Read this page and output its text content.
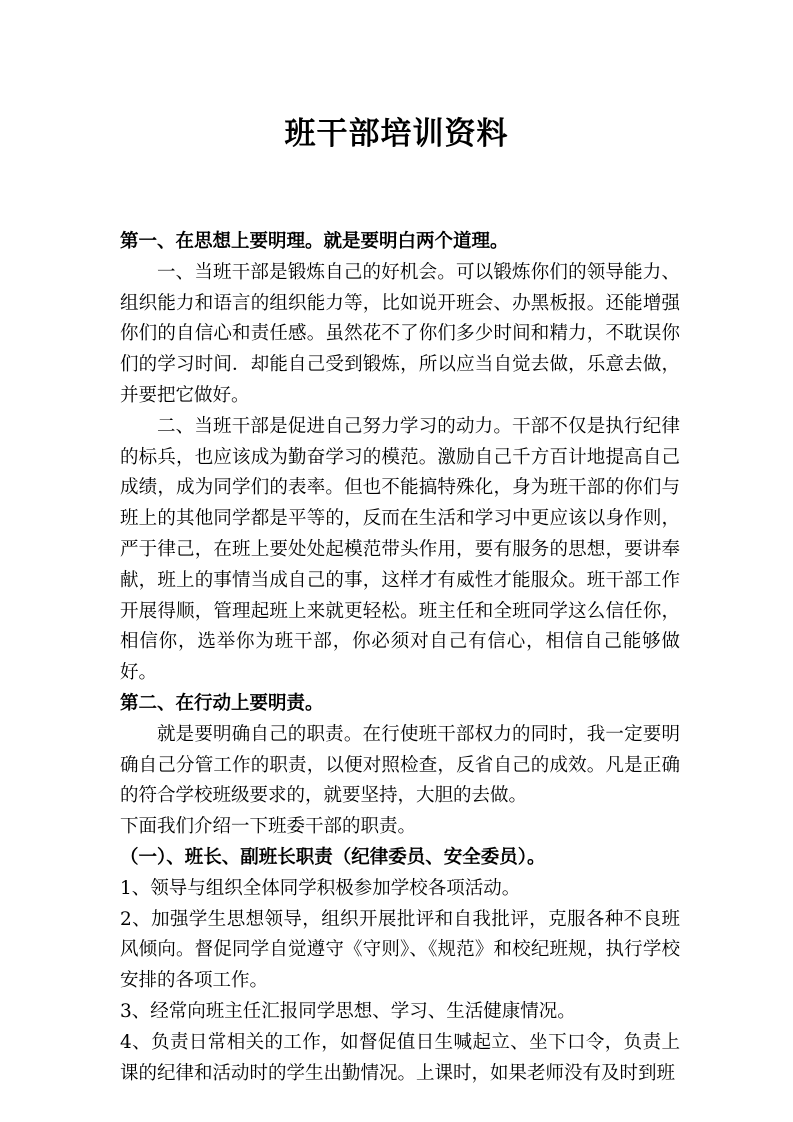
班干部培训资料

第一、在思想上要明理。就是要明白两个道理。

一、当班干部是锻炼自己的好机会。可以锻炼你们的领导能力、组织能力和语言的组织能力等，比如说开班会、办黑板报。还能增强你们的自信心和责任感。虽然花不了你们多少时间和精力，不耽误你们的学习时间．却能自己受到锻炼，所以应当自觉去做，乐意去做，并要把它做好。

二、当班干部是促进自己努力学习的动力。干部不仅是执行纪律的标兵，也应该成为勤奋学习的模范。激励自己千方百计地提高自己成绩，成为同学们的表率。但也不能搞特殊化，身为班干部的你们与班上的其他同学都是平等的，反而在生活和学习中更应该以身作则，严于律己，在班上要处处起模范带头作用，要有服务的思想，要讲奉献，班上的事情当成自己的事，这样才有威性才能服众。班干部工作开展得顺，管理起班上来就更轻松。班主任和全班同学这么信任你，相信你，选举你为班干部，你必须对自己有信心，相信自己能够做好。

第二、在行动上要明责。

就是要明确自己的职责。在行使班干部权力的同时，我一定要明确自己分管工作的职责，以便对照检查，反省自己的成效。凡是正确的符合学校班级要求的，就要坚持，大胆的去做。

下面我们介绍一下班委干部的职责。

（一）、班长、副班长职责（纪律委员、安全委员）。

1、领导与组织全体同学积极参加学校各项活动。

2、加强学生思想领导，组织开展批评和自我批评，克服各种不良班风倾向。督促同学自觉遵守《守则》、《规范》和校纪班规，执行学校安排的各项工作。

3、经常向班主任汇报同学思想、学习、生活健康情况。

4、负责日常相关的工作，如督促值日生喊起立、坐下口令，负责上课的纪律和活动时的学生出勤情况。上课时，如果老师没有及时到班
